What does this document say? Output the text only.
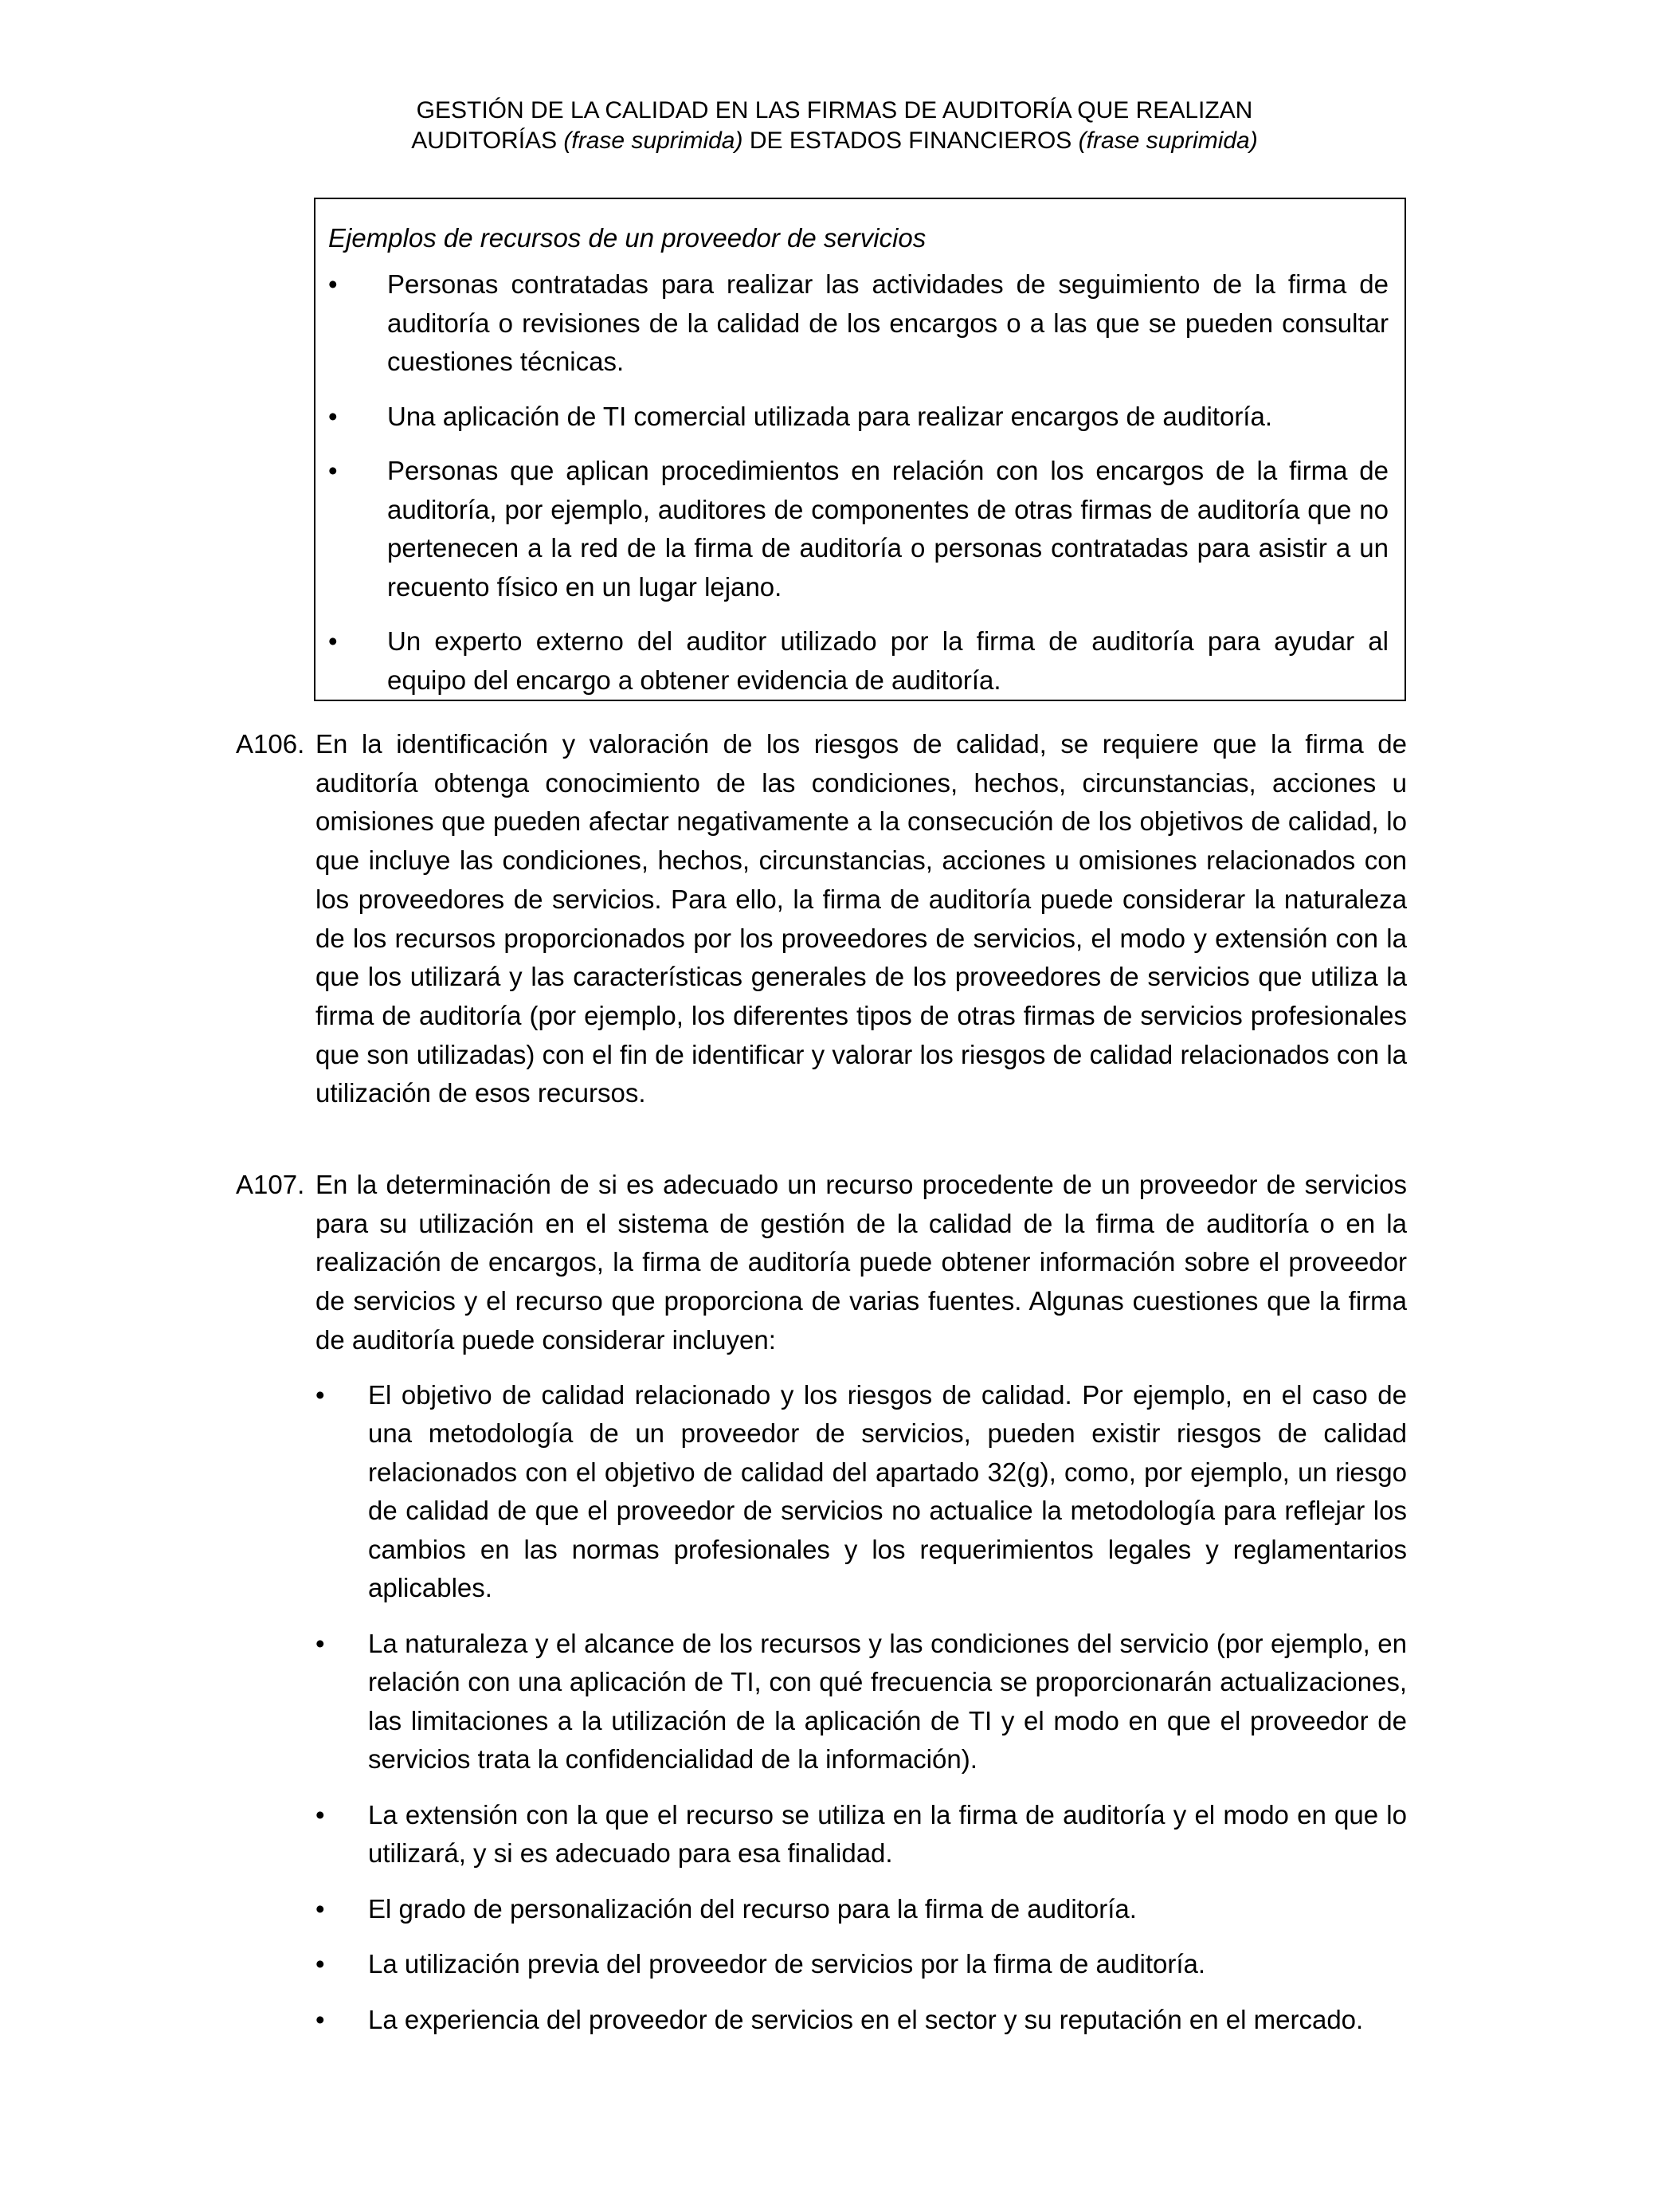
GESTIÓN DE LA CALIDAD EN LAS FIRMAS DE AUDITORÍA QUE REALIZAN
AUDITORÍAS (frase suprimida) DE ESTADOS FINANCIEROS (frase suprimida)
Ejemplos de recursos de un proveedor de servicios
• Personas contratadas para realizar las actividades de seguimiento de la firma de auditoría o revisiones de la calidad de los encargos o a las que se pueden consultar cuestiones técnicas.
• Una aplicación de TI comercial utilizada para realizar encargos de auditoría.
• Personas que aplican procedimientos en relación con los encargos de la firma de auditoría, por ejemplo, auditores de componentes de otras firmas de auditoría que no pertenecen a la red de la firma de auditoría o personas contratadas para asistir a un recuento físico en un lugar lejano.
• Un experto externo del auditor utilizado por la firma de auditoría para ayudar al equipo del encargo a obtener evidencia de auditoría.
A106. En la identificación y valoración de los riesgos de calidad, se requiere que la firma de auditoría obtenga conocimiento de las condiciones, hechos, circunstancias, acciones u omisiones que pueden afectar negativamente a la consecución de los objetivos de calidad, lo que incluye las condiciones, hechos, circunstancias, acciones u omisiones relacionados con los proveedores de servicios. Para ello, la firma de auditoría puede considerar la naturaleza de los recursos proporcionados por los proveedores de servicios, el modo y extensión con la que los utilizará y las características generales de los proveedores de servicios que utiliza la firma de auditoría (por ejemplo, los diferentes tipos de otras firmas de servicios profesionales que son utilizadas) con el fin de identificar y valorar los riesgos de calidad relacionados con la utilización de esos recursos.
A107. En la determinación de si es adecuado un recurso procedente de un proveedor de servicios para su utilización en el sistema de gestión de la calidad de la firma de auditoría o en la realización de encargos, la firma de auditoría puede obtener información sobre el proveedor de servicios y el recurso que proporciona de varias fuentes. Algunas cuestiones que la firma de auditoría puede considerar incluyen:
• El objetivo de calidad relacionado y los riesgos de calidad. Por ejemplo, en el caso de una metodología de un proveedor de servicios, pueden existir riesgos de calidad relacionados con el objetivo de calidad del apartado 32(g), como, por ejemplo, un riesgo de calidad de que el proveedor de servicios no actualice la metodología para reflejar los cambios en las normas profesionales y los requerimientos legales y reglamentarios aplicables.
• La naturaleza y el alcance de los recursos y las condiciones del servicio (por ejemplo, en relación con una aplicación de TI, con qué frecuencia se proporcionarán actualizaciones, las limitaciones a la utilización de la aplicación de TI y el modo en que el proveedor de servicios trata la confidencialidad de la información).
• La extensión con la que el recurso se utiliza en la firma de auditoría y el modo en que lo utilizará, y si es adecuado para esa finalidad.
• El grado de personalización del recurso para la firma de auditoría.
• La utilización previa del proveedor de servicios por la firma de auditoría.
• La experiencia del proveedor de servicios en el sector y su reputación en el mercado.
